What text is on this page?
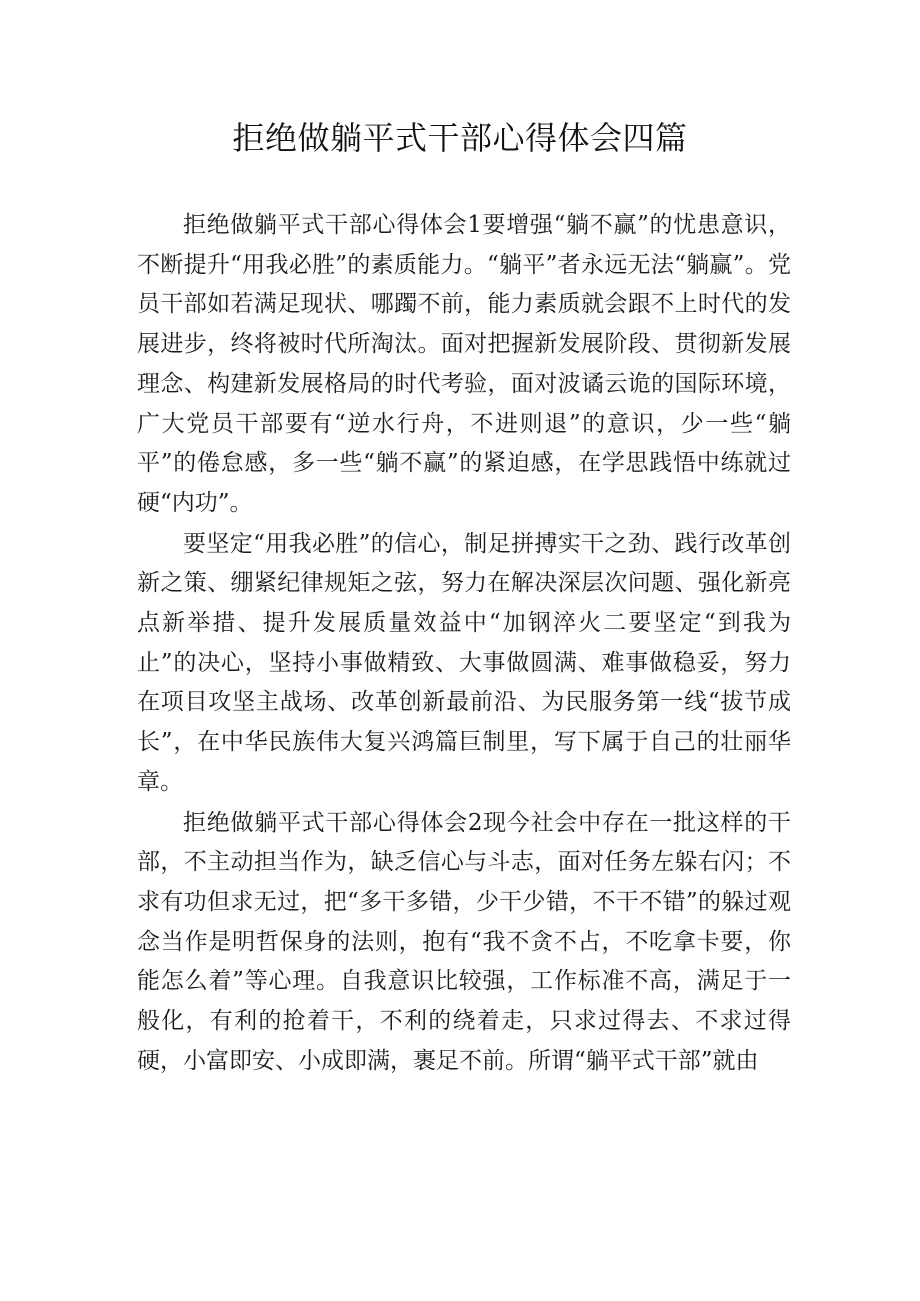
拒绝做躺平式干部心得体会四篇

拒绝做躺平式干部心得体会1要增强“躺不赢”的忧患意识，不断提升“用我必胜”的素质能力。“躺平”者永远无法“躺赢”。党员干部如若满足现状、哪躅不前，能力素质就会跟不上时代的发展进步，终将被时代所淘汰。面对把握新发展阶段、贯彻新发展理念、构建新发展格局的时代考验，面对波谲云诡的国际环境，广大党员干部要有“逆水行舟，不进则退”的意识，少一些“躺平”的倦怠感，多一些“躺不赢”的紧迫感，在学思践悟中练就过硬“内功”。

要坚定“用我必胜”的信心，制足拼搏实干之劲、践行改革创新之策、绷紧纪律规矩之弦，努力在解决深层次问题、强化新亮点新举措、提升发展质量效益中“加钢淬火二要坚定“到我为止”的决心，坚持小事做精致、大事做圆满、难事做稳妥，努力在项目攻坚主战场、改革创新最前沿、为民服务第一线“拔节成长”，在中华民族伟大复兴鸿篇巨制里，写下属于自己的壮丽华章。

拒绝做躺平式干部心得体会2现今社会中存在一批这样的干部，不主动担当作为，缺乏信心与斗志，面对任务左躲右闪；不求有功但求无过，把“多干多错，少干少错，不干不错”的躲过观念当作是明哲保身的法则，抱有“我不贪不占，不吃拿卡要，你能怎么着”等心理。自我意识比较强，工作标准不高，满足于一般化，有利的抢着干，不利的绕着走，只求过得去、不求过得硬，小富即安、小成即满，裹足不前。所谓“躺平式干部”就由
